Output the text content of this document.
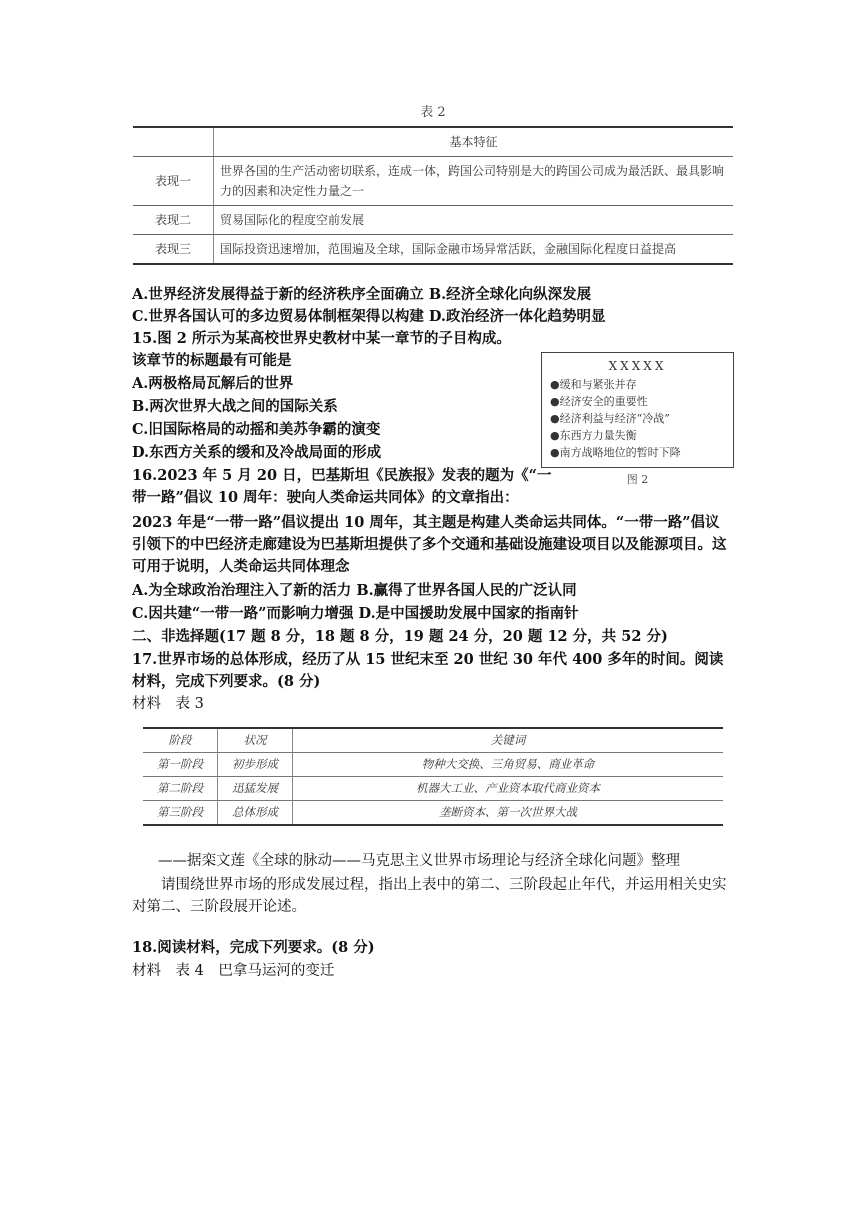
表 2
	基本特征
表现一	世界各国的生产活动密切联系，连成一体，跨国公司特别是大的跨国公司成为最活跃、最具影响力的因素和决定性力量之一
表现二	贸易国际化的程度空前发展
表现三	国际投资迅速增加，范围遍及全球，国际金融市场异常活跃，金融国际化程度日益提高
A.世界经济发展得益于新的经济秩序全面确立 B.经济全球化向纵深发展
C.世界各国认可的多边贸易体制框架得以构建 D.政治经济一体化趋势明显
15.图 2 所示为某高校世界史教材中某一章节的子目构成。
该章节的标题最有可能是
A.两极格局瓦解后的世界
B.两次世界大战之间的国际关系
C.旧国际格局的动摇和美苏争霸的演变
D.东西方关系的缓和及冷战局面的形成
XXXXX
●缓和与紧张并存
●经济安全的重要性
●经济利益与经济“冷战”
●东西方力量失衡
●南方战略地位的暂时下降
图 2
16.2023 年 5 月 20 日，巴基斯坦《民族报》发表的题为《“一
带一路”倡议 10 周年：驶向人类命运共同体》的文章指出：
2023 年是“一带一路”倡议提出 10 周年，其主题是构建人类命运共同体。“一带一路”倡议引领下的中巴经济走廊建设为巴基斯坦提供了多个交通和基础设施建设项目以及能源项目。这可用于说明，人类命运共同体理念
A.为全球政治治理注入了新的活力 B.赢得了世界各国人民的广泛认同
C.因共建“一带一路”而影响力增强 D.是中国援助发展中国家的指南针
二、非选择题(17 题 8 分，18 题 8 分，19 题 24 分，20 题 12 分，共 52 分)
17.世界市场的总体形成，经历了从 15 世纪末至 20 世纪 30 年代 400 多年的时间。阅读材料，完成下列要求。(8 分)
材料　表 3
阶段	状况	关键词
第一阶段	初步形成	物种大交换、三角贸易、商业革命
第二阶段	迅猛发展	机器大工业、产业资本取代商业资本
第三阶段	总体形成	垄断资本、第一次世界大战
——据栾文莲《全球的脉动——马克思主义世界市场理论与经济全球化问题》整理
请围绕世界市场的形成发展过程，指出上表中的第二、三阶段起止年代，并运用相关史实对第二、三阶段展开论述。
18.阅读材料，完成下列要求。(8 分)
材料　表 4　巴拿马运河的变迁
